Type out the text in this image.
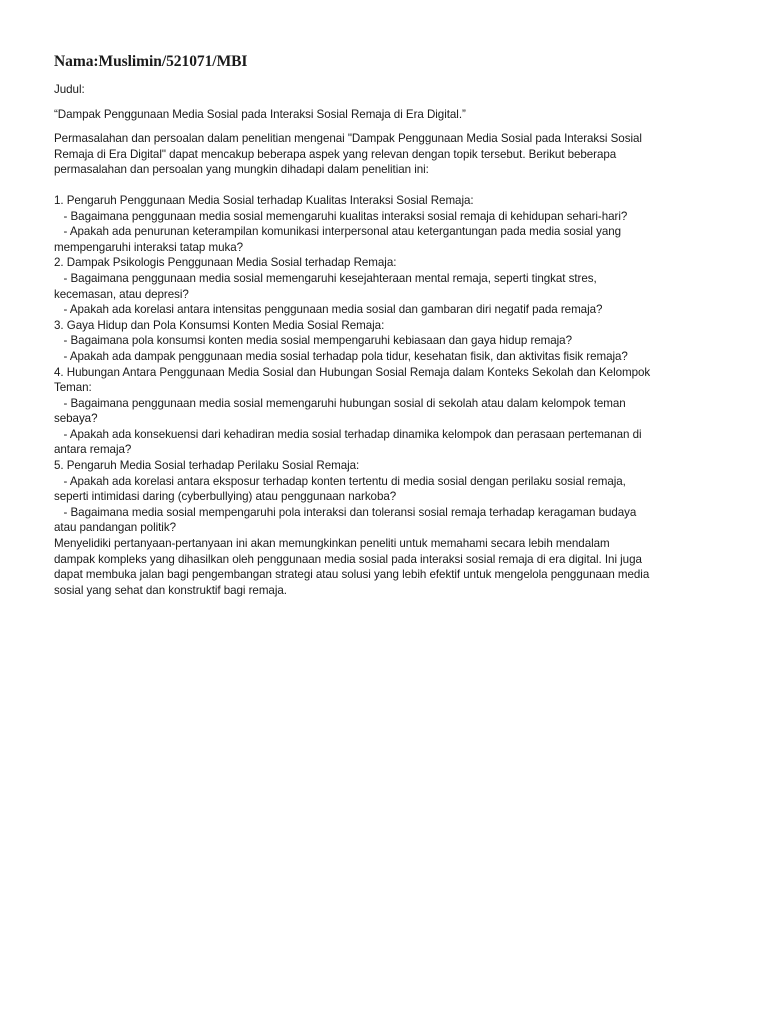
Nama:Muslimin/521071/MBI

Judul:

“Dampak Penggunaan Media Sosial pada Interaksi Sosial Remaja di Era Digital.”

Permasalahan dan persoalan dalam penelitian mengenai "Dampak Penggunaan Media Sosial pada Interaksi Sosial

Remaja di Era Digital" dapat mencakup beberapa aspek yang relevan dengan topik tersebut. Berikut beberapa

permasalahan dan persoalan yang mungkin dihadapi dalam penelitian ini:

1. Pengaruh Penggunaan Media Sosial terhadap Kualitas Interaksi Sosial Remaja:

- Bagaimana penggunaan media sosial memengaruhi kualitas interaksi sosial remaja di kehidupan sehari-hari?

- Apakah ada penurunan keterampilan komunikasi interpersonal atau ketergantungan pada media sosial yang

mempengaruhi interaksi tatap muka?

2. Dampak Psikologis Penggunaan Media Sosial terhadap Remaja:

- Bagaimana penggunaan media sosial memengaruhi kesejahteraan mental remaja, seperti tingkat stres,

kecemasan, atau depresi?

- Apakah ada korelasi antara intensitas penggunaan media sosial dan gambaran diri negatif pada remaja?

3. Gaya Hidup dan Pola Konsumsi Konten Media Sosial Remaja:

- Bagaimana pola konsumsi konten media sosial mempengaruhi kebiasaan dan gaya hidup remaja?

- Apakah ada dampak penggunaan media sosial terhadap pola tidur, kesehatan fisik, dan aktivitas fisik remaja?

4. Hubungan Antara Penggunaan Media Sosial dan Hubungan Sosial Remaja dalam Konteks Sekolah dan Kelompok

Teman:

- Bagaimana penggunaan media sosial memengaruhi hubungan sosial di sekolah atau dalam kelompok teman

sebaya?

- Apakah ada konsekuensi dari kehadiran media sosial terhadap dinamika kelompok dan perasaan pertemanan di

antara remaja?

5. Pengaruh Media Sosial terhadap Perilaku Sosial Remaja:

- Apakah ada korelasi antara eksposur terhadap konten tertentu di media sosial dengan perilaku sosial remaja,

seperti intimidasi daring (cyberbullying) atau penggunaan narkoba?

- Bagaimana media sosial mempengaruhi pola interaksi dan toleransi sosial remaja terhadap keragaman budaya

atau pandangan politik?

Menyelidiki pertanyaan-pertanyaan ini akan memungkinkan peneliti untuk memahami secara lebih mendalam

dampak kompleks yang dihasilkan oleh penggunaan media sosial pada interaksi sosial remaja di era digital. Ini juga

dapat membuka jalan bagi pengembangan strategi atau solusi yang lebih efektif untuk mengelola penggunaan media

sosial yang sehat dan konstruktif bagi remaja.
